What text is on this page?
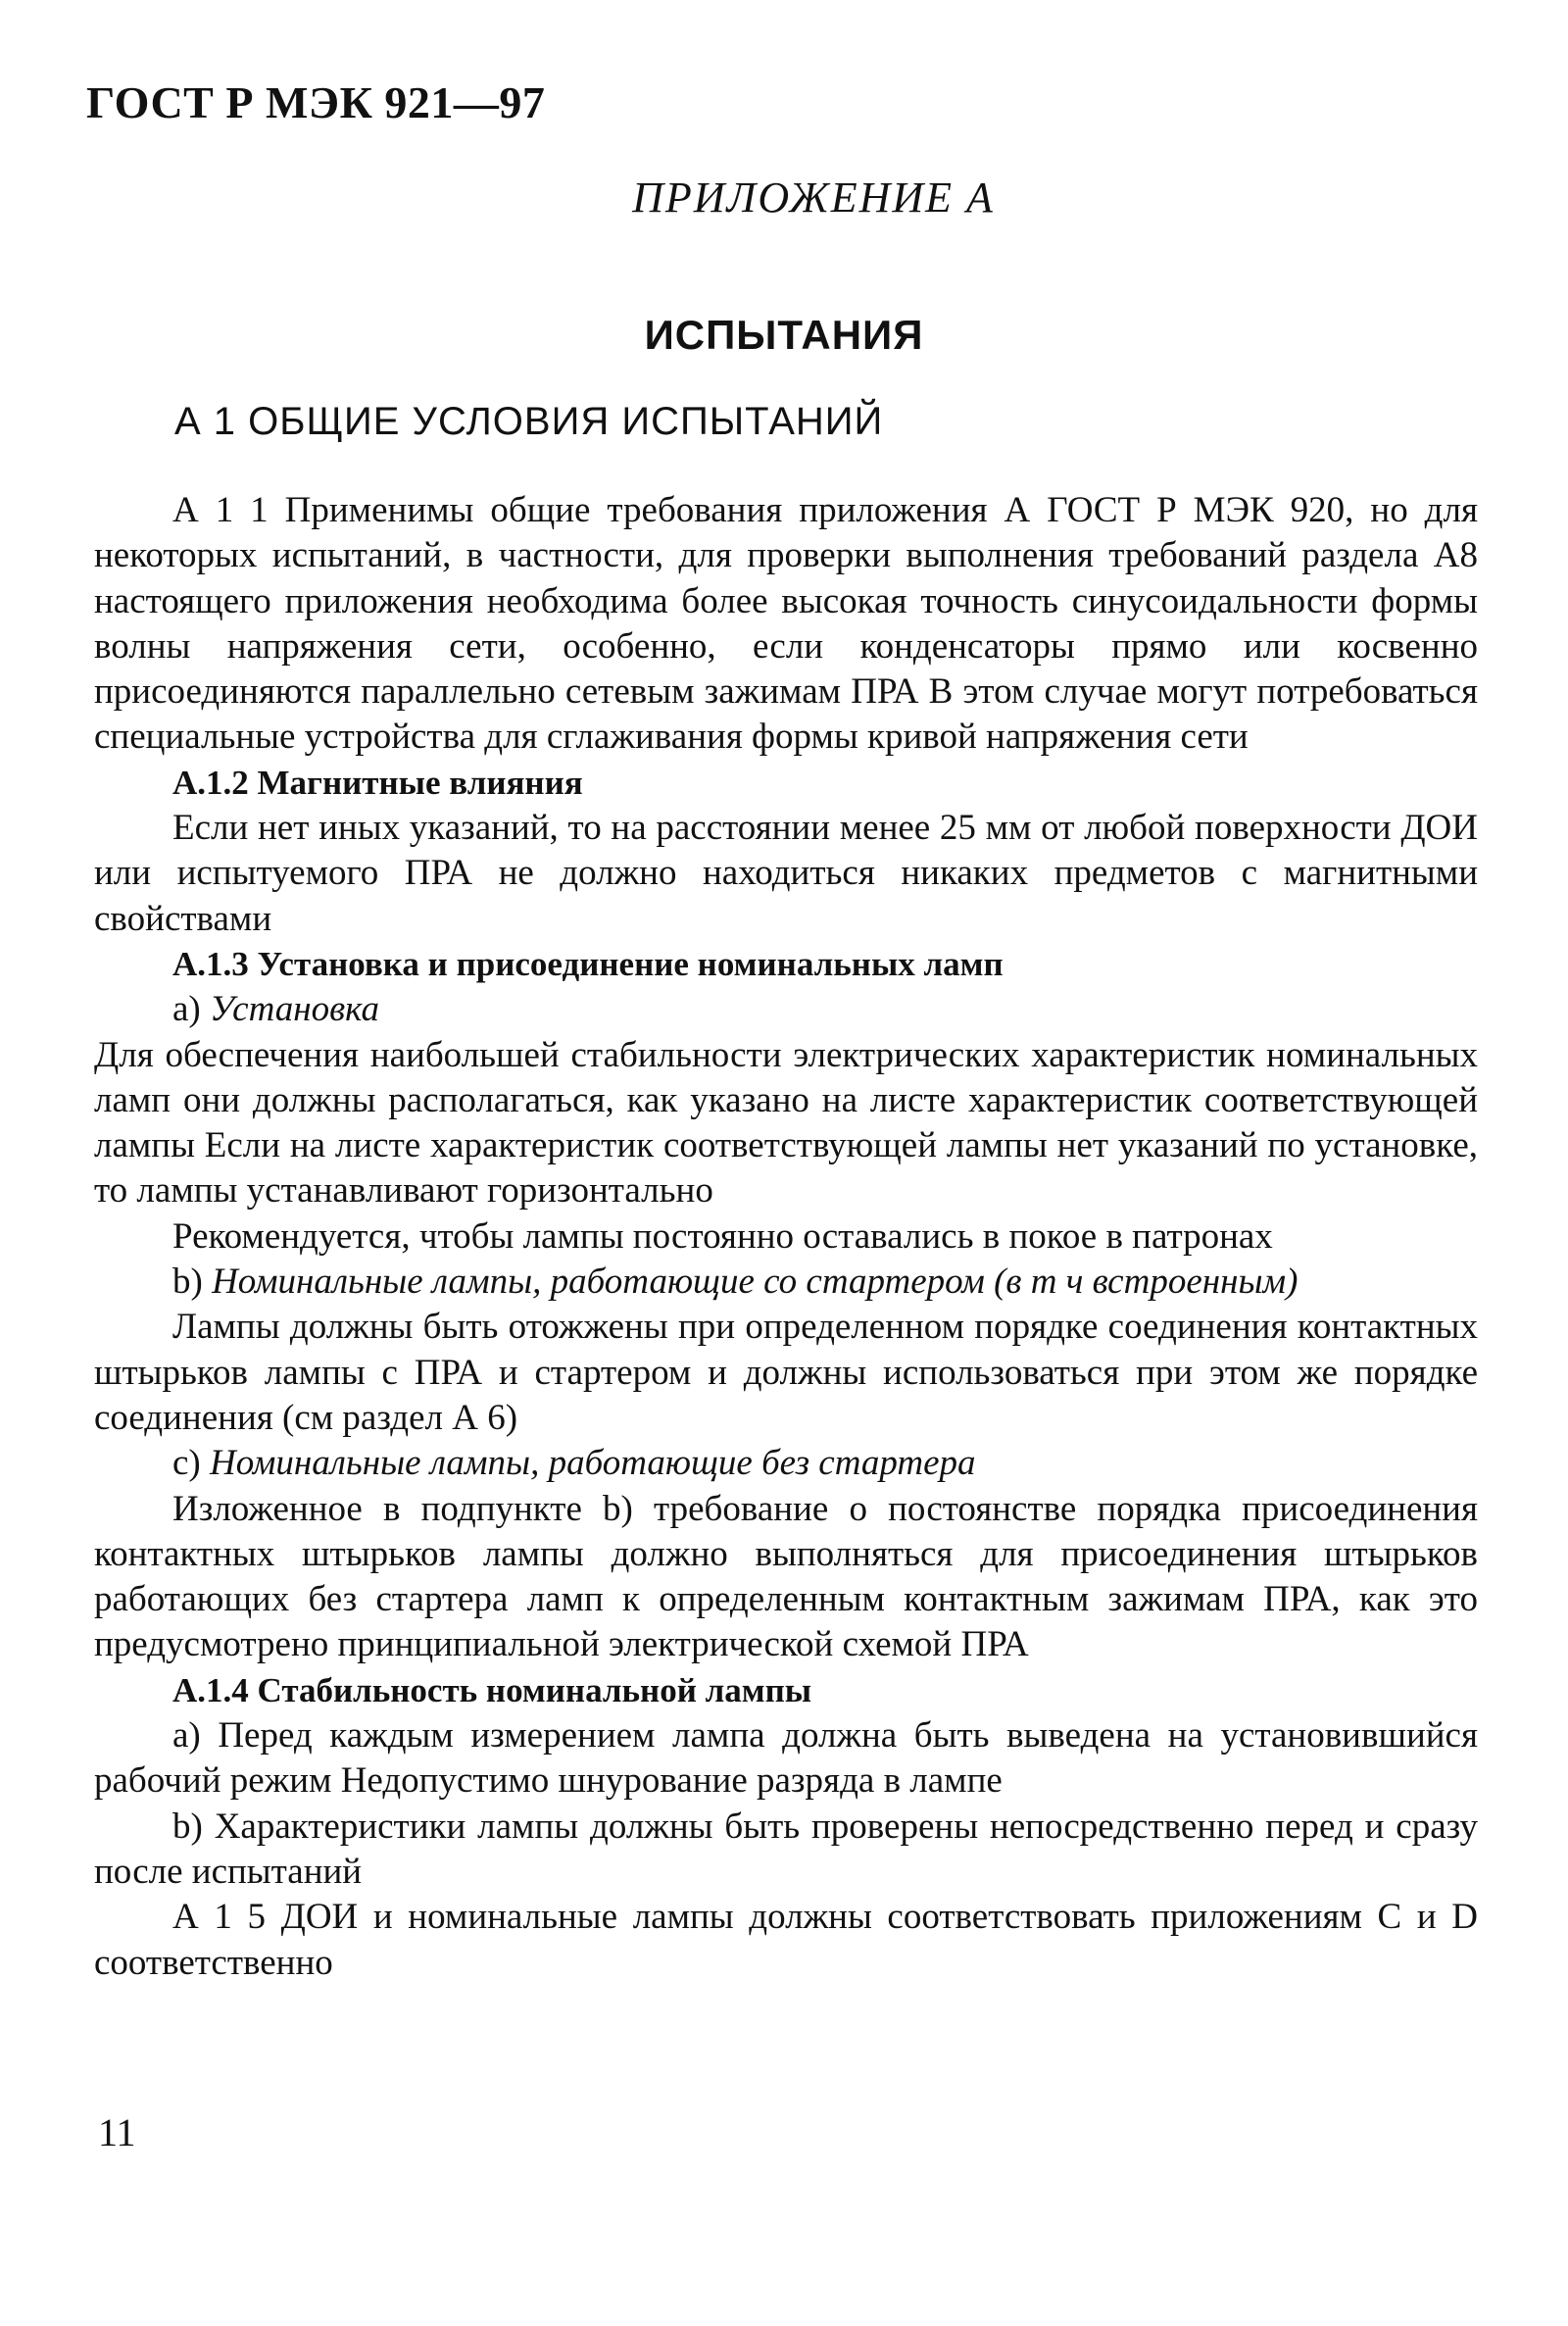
ГОСТ Р МЭК 921—97
ПРИЛОЖЕНИЕ А
ИСПЫТАНИЯ
А 1 ОБЩИЕ УСЛОВИЯ ИСПЫТАНИЙ

А 1 1 Применимы общие требования приложения А ГОСТ Р МЭК 920, но для некоторых испытаний, в частности, для проверки выполнения требований раздела А8 настоящего приложения необходима более высокая точность синусоидальности формы волны напряжения сети, особенно, если конденсаторы прямо или косвенно присоединяются параллельно сетевым зажимам ПРА В этом случае могут потребоваться специальные устройства для сглаживания формы кривой напряжения сети

А.1.2 Магнитные влияния

Если нет иных указаний, то на расстоянии менее 25 мм от любой поверхности ДОИ или испытуемого ПРА не должно находиться никаких предметов с магнитными свойствами

А.1.3 Установка и присоединение номинальных ламп

а) Установка

Для обеспечения наибольшей стабильности электрических характеристик номинальных ламп они должны располагаться, как указано на листе характеристик соответствующей лампы Если на листе характеристик соответствующей лампы нет указаний по установке, то лампы устанавливают горизонтально

Рекомендуется, чтобы лампы постоянно оставались в покое в патронах

b) Номинальные лампы, работающие со стартером (в т ч встроенным)

Лампы должны быть отожжены при определенном порядке соединения контактных штырьков лампы с ПРА и стартером и должны использоваться при этом же порядке соединения (см раздел А 6)

с) Номинальные лампы, работающие без стартера

Изложенное в подпункте b) требование о постоянстве порядка присоединения контактных штырьков лампы должно выполняться для присоединения штырьков работающих без стартера ламп к определенным контактным зажимам ПРА, как это предусмотрено принципиальной электрической схемой ПРА

А.1.4 Стабильность номинальной лампы

а) Перед каждым измерением лампа должна быть выведена на установившийся рабочий режим Недопустимо шнурование разряда в лампе

b) Характеристики лампы должны быть проверены непосредственно перед и сразу после испытаний

А 1 5 ДОИ и номинальные лампы должны соответствовать приложениям С и D соответственно

11
